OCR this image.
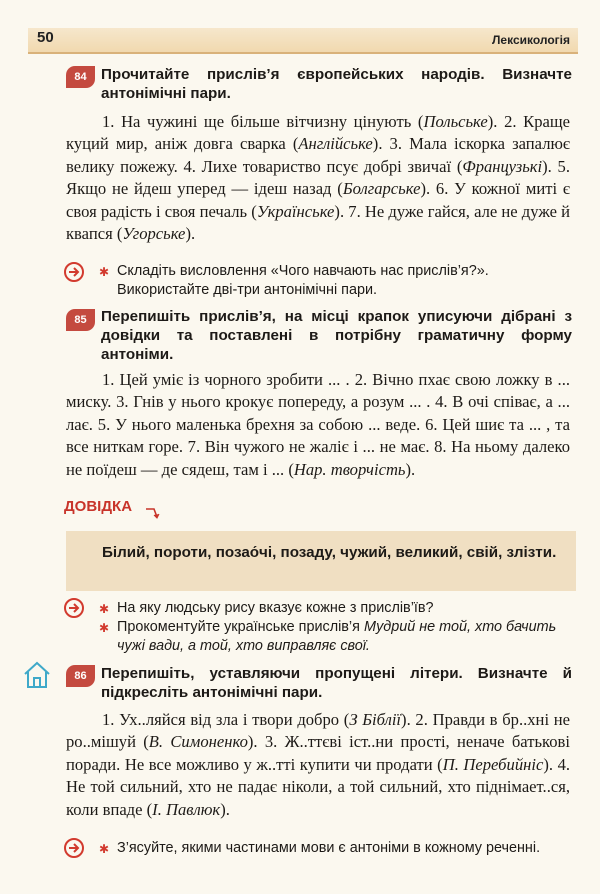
50	Лексикологія
84 Прочитайте прислів’я європейських народів. Визначте антонімічні пари.
1. На чужині ще більше вітчизну цінують (Польське). 2. Краще куций мир, аніж довга сварка (Англійське). 3. Мала іскорка запалює велику пожежу. 4. Лихе товариство псує добрі звичаї (Французькі). 5. Якщо не йдеш уперед — ідеш назад (Болгарське). 6. У кожної миті є своя радість і своя печаль (Українське). 7. Не дуже гайся, але не дуже й квапся (Угорське).
✱ Складіть висловлення «Чого навчають нас прислів’я?». Використайте дві-три антонімічні пари.
85 Перепишіть прислів’я, на місці крапок уписуючи дібрані з довідки та поставлені в потрібну граматичну форму антоніми.
1. Цей уміє із чорного зробити ... . 2. Вічно пхає свою ложку в ... миску. 3. Гнів у нього крокує попереду, а розум ... . 4. В очі співає, а ... лає. 5. У нього маленька брехня за собою ... веде. 6. Цей шиє та ... , та все ниткам горе. 7. Він чужого не жаліє і ... не має. 8. На ньому далеко не поїдеш — де сядеш, там і ... (Нар. творчість).
ДОВІДКА
Білий, пороти, позао́чі, позаду, чужий, великий, свій, злізти.
✱ На яку людську рису вказує кожне з прислів’їв?
✱ Прокоментуйте українське прислів’я Мудрий не той, хто бачить чужі вади, а той, хто виправляє свої.
86 Перепишіть, уставляючи пропущені літери. Визначте й підкресліть антонімічні пари.
1. Ух..ляйся від зла і твори добро (З Біблії). 2. Правди в бр..хні не ро..мішуй (В. Симоненко). 3. Ж..ттєві іст..ни прості, неначе батькові поради. Не все можливо у ж..тті купити чи продати (П. Перебийніс). 4. Не той сильний, хто не падає ніколи, а той сильний, хто піднімает..ся, коли впаде (І. Павлюк).
✱ З’ясуйте, якими частинами мови є антоніми в кожному реченні.
